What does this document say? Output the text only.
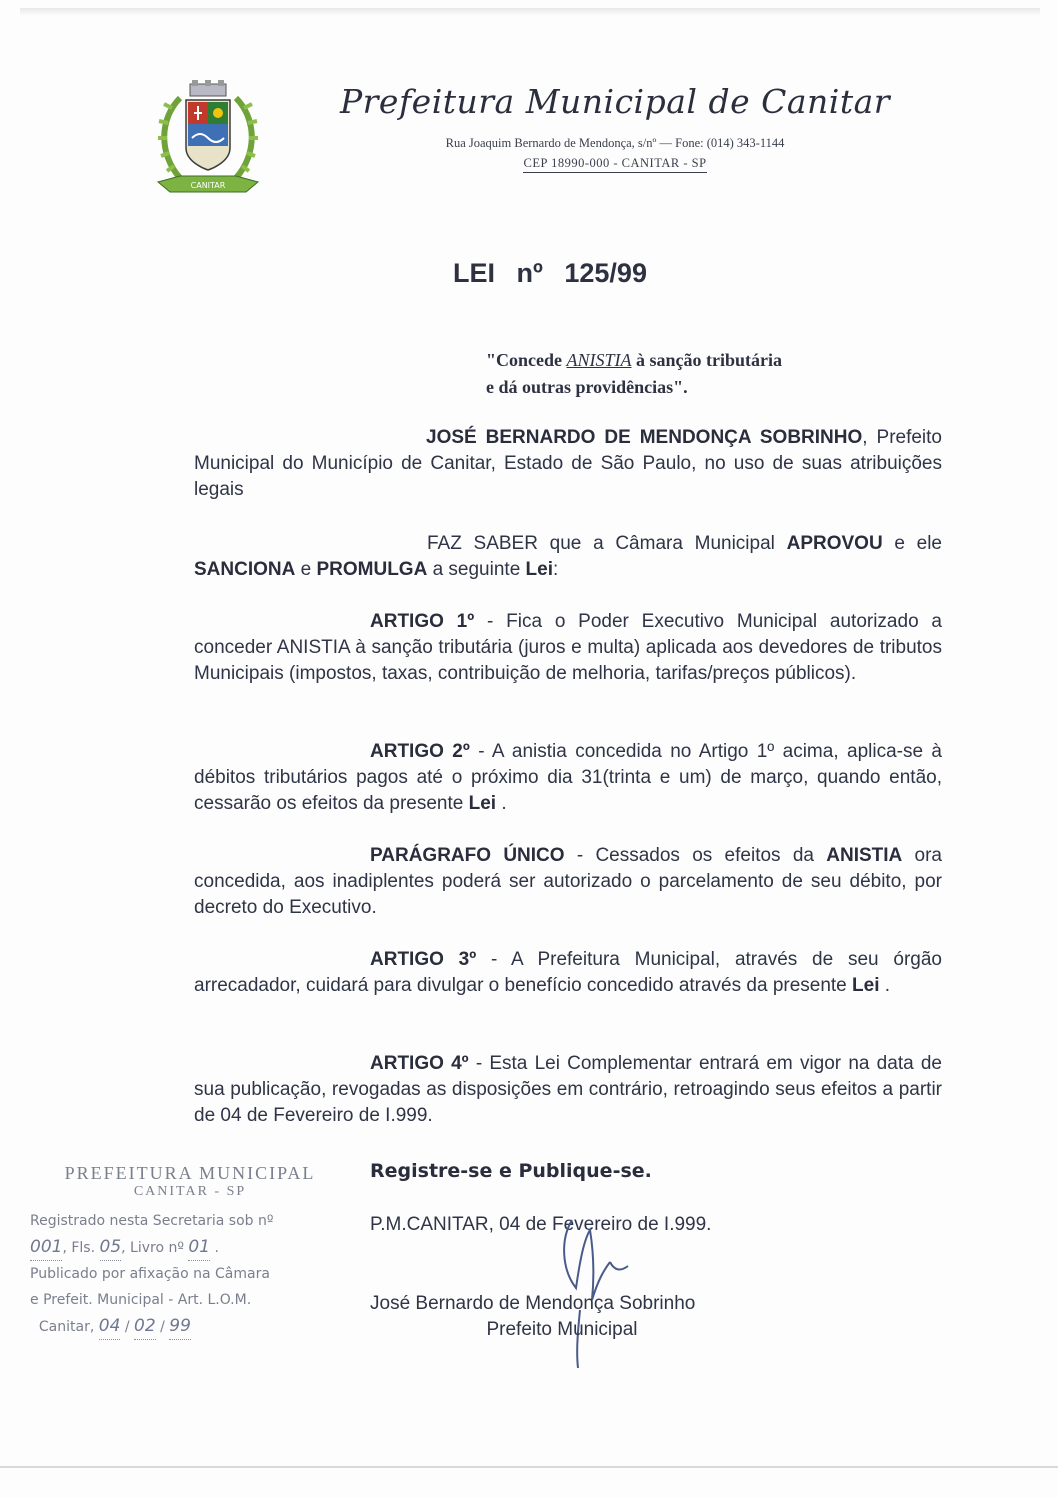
CANITAR
Prefeitura Municipal de Canitar
Rua Joaquim Bernardo de Mendonça, s/nº — Fone: (014) 343-1144
CEP 18990-000 - CANITAR - SP
LEI nº 125/99
"Concede ANISTIA à sanção tributária
e dá outras providências".
JOSÉ BERNARDO DE MENDONÇA SOBRINHO, Prefeito Municipal do Município de Canitar, Estado de São Paulo, no uso de suas atribuições legais
FAZ SABER que a Câmara Municipal APROVOU e ele SANCIONA e PROMULGA a seguinte Lei:
ARTIGO 1º - Fica o Poder Executivo Municipal autorizado a conceder ANISTIA à sanção tributária (juros e multa) aplicada aos devedores de tributos Municipais (impostos, taxas, contribuição de melhoria, tarifas/preços públicos).
ARTIGO 2º - A anistia concedida no Artigo 1º acima, aplica-se à débitos tributários pagos até o próximo dia 31(trinta e um) de março, quando então, cessarão os efeitos da presente Lei .
PARÁGRAFO ÚNICO - Cessados os efeitos da ANISTIA ora concedida, aos inadiplentes poderá ser autorizado o parcelamento de seu débito, por decreto do Executivo.
ARTIGO 3º - A Prefeitura Municipal, através de seu órgão arrecadador, cuidará para divulgar o benefício concedido através da presente Lei .
ARTIGO 4º - Esta Lei Complementar entrará em vigor na data de sua publicação, revogadas as disposições em contrário, retroagindo seus efeitos a partir de 04 de Fevereiro de I.999.
Registre-se e Publique-se.
P.M.CANITAR, 04 de Fevereiro de I.999.
José Bernardo de Mendonça Sobrinho
Prefeito Municipal
PREFEITURA MUNICIPAL
CANITAR - SP
Registrado nesta Secretaria sob nº
001, Fls. 05, Livro nº 01 .
Publicado por afixação na Câmara
e Prefeit. Municipal - Art. L.O.M.
Canitar, 04 / 02 / 99
